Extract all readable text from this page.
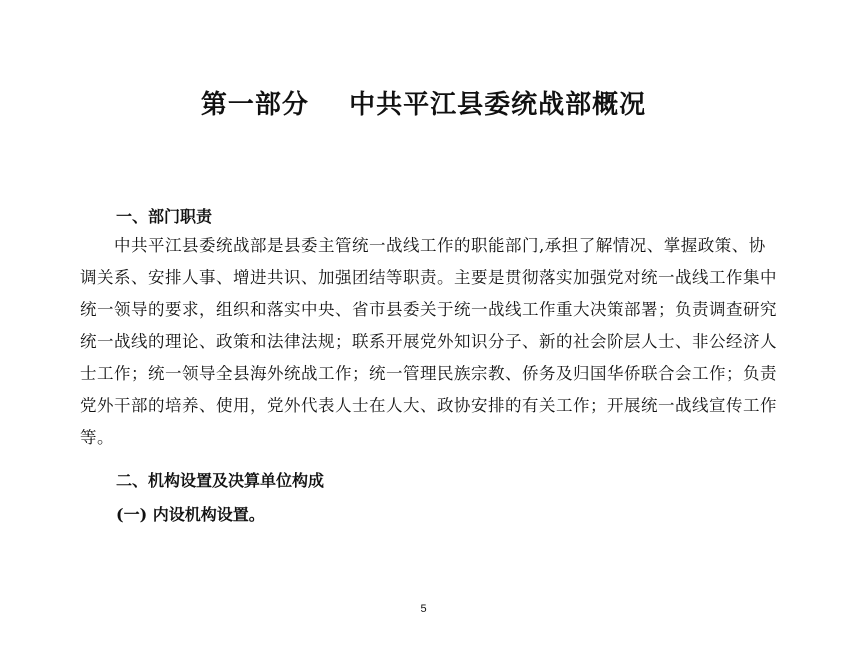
第一部分    中共平江县委统战部概况
一、部门职责

中共平江县委统战部是县委主管统一战线工作的职能部门,承担了解情况、掌握政策、协

调关系、安排人事、增进共识、加强团结等职责。主要是贯彻落实加强党对统一战线工作集中

统一领导的要求，组织和落实中央、省市县委关于统一战线工作重大决策部署；负责调查研究

统一战线的理论、政策和法律法规；联系开展党外知识分子、新的社会阶层人士、非公经济人

士工作；统一领导全县海外统战工作；统一管理民族宗教、侨务及归国华侨联合会工作；负责

党外干部的培养、使用，党外代表人士在人大、政协安排的有关工作；开展统一战线宣传工作

等。

二、机构设置及决算单位构成
(一) 内设机构设置。
5
